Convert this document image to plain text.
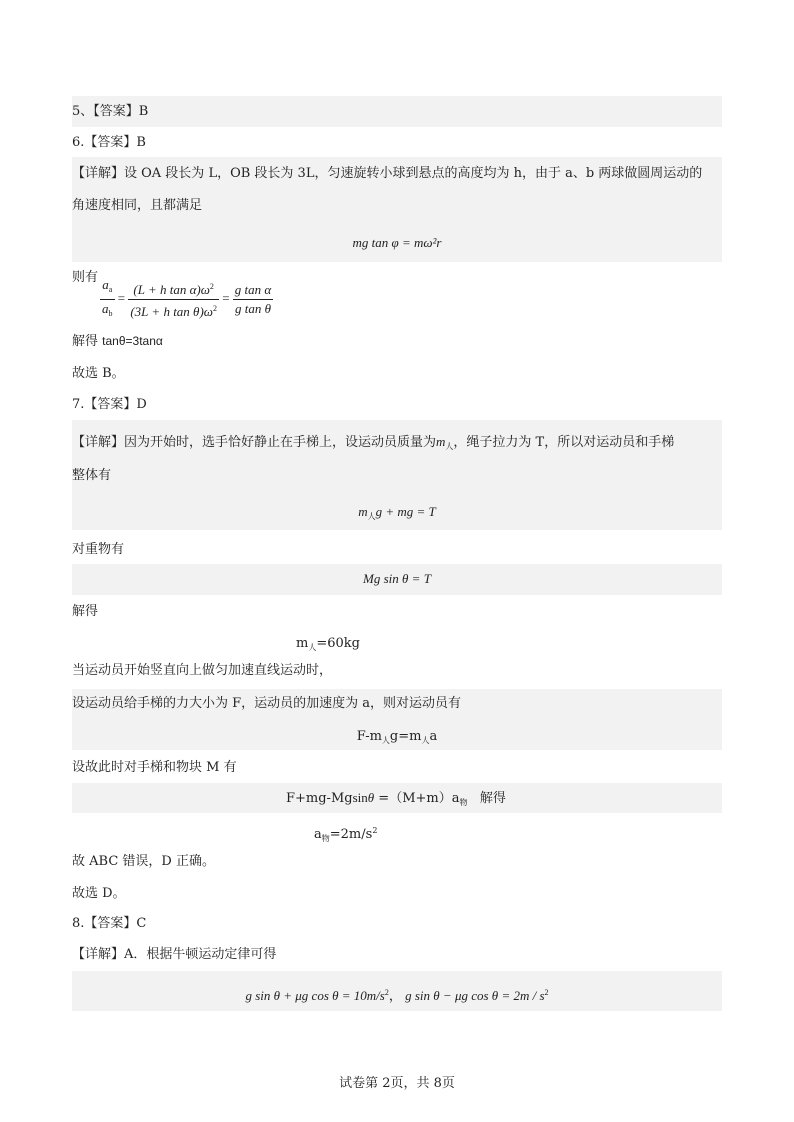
5、【答案】B
6.【答案】B
【详解】设 OA 段长为 L，OB 段长为 3L，匀速旋转小球到悬点的高度均为 h，由于 a、b 两球做圆周运动的
角速度相同，且都满足
mg tan φ = mω²r
则有 $\frac{a_a}{a_b} = \frac{(L + h \tan \alpha)\omega^2}{(3L + h \tan \theta)\omega^2} = \frac{\text{g tan α}}{\text{g tan θ}}$
解得 tanθ=3tanα
故选 B。
7.【答案】D
【详解】因为开始时，选手恰好静止在手梯上，设运动员质量为$m_人$，绳子拉力为 T，所以对运动员和手梯
整体有
$m_人g$ + mg = T
对重物有
Mg sin θ = T
解得
$m_人=60kg$
当运动员开始竖直向上做匀加速直线运动时，
设运动员给手梯的力大小为 F，运动员的加速度为 a，则对运动员有
$F-m_人g=m_人a$
设故此时对手梯和物块 M 有
$F+mg-Mgsin\theta =(M+m)a_物$ 解得
$a_物=2m/s^2$
故 ABC 错误，D 正确。
故选 D。
8.【答案】C
【详解】A．根据牛顿运动定律可得
g sin θ + μg $\cos \theta = 10m/s^2$， g sin θ − μg $\cos \theta = 2m / s^2$
试卷第 2页，共 8页
